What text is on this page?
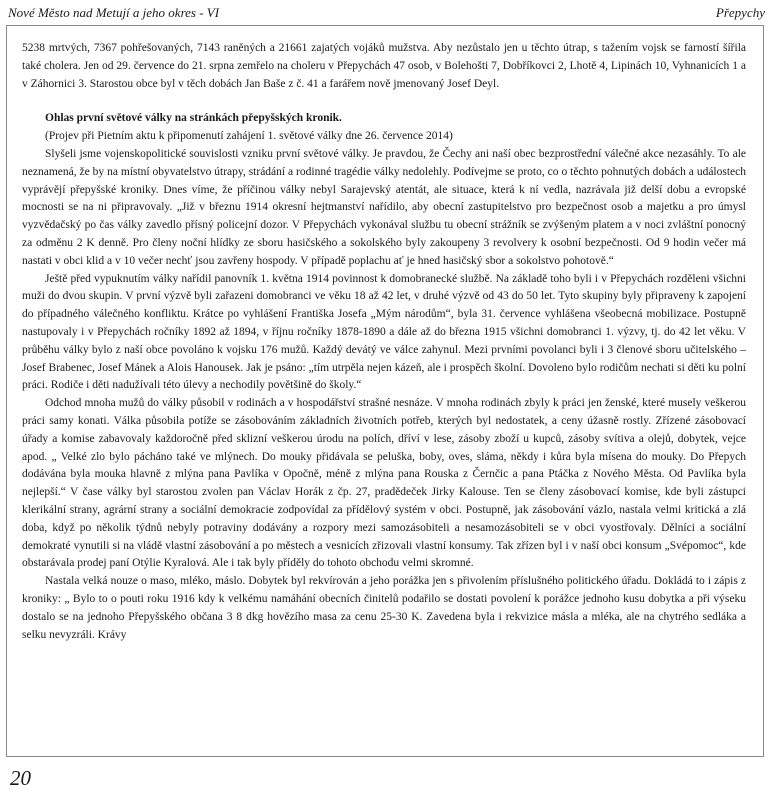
Nové Město nad Metují a jeho okres - VI	Přepychy

5238 mrtvých, 7367 pohřešovaných, 7143 raněných a 21661 zajatých vojáků mužstva. Aby nezůstalo jen u těchto útrap, s tažením vojsk se farností šířila také cholera. Jen od 29. července do 21. srpna zemřelo na choleru v Přepychách 47 osob, v Bolehošti 7, Dobříkovci 2, Lhotě 4, Lipinách 10, Vyhnanicích 1 a v Záhornici 3. Starostou obce byl v těch dobách Jan Baše z č. 41 a farářem nově jmenovaný Josef Deyl.

Ohlas první světové války na stránkách přepyšských kronik.

(Projev při Pietním aktu k připomenutí zahájení 1. světové války dne 26. července 2014)

Slyšeli jsme vojenskopolitické souvislosti vzniku první světové války. Je pravdou, že Čechy ani naší obec bezprostřední válečné akce nezasáhly. To ale neznamená, že by na místní obyvatelstvo útrapy, strádání a rodinné tragédie války nedolehly. Podívejme se proto, co o těchto pohnutých dobách a událostech vyprávějí přepyšské kroniky. Dnes víme, že příčinou války nebyl Sarajevský atentát, ale situace, která k ní vedla, nazrávala již delší dobu a evropské mocnosti se na ni připravovaly. „Již v březnu 1914 okresní hejtmanství nařídilo, aby obecní zastupitelstvo pro bezpečnost osob a majetku a pro úmysl vyzvědačský po čas války zavedlo přísný policejní dozor. V Přepychách vykonával službu tu obecní strážník se zvýšeným platem a v noci zvláštní ponocný za odměnu 2 K denně. Pro členy noční hlídky ze sboru hasičského a sokolského byly zakoupeny 3 revolvery k osobní bezpečnosti. Od 9 hodin večer má nastati v obci klid a v 10 večer nechť jsou zavřeny hospody. V případě poplachu ať je hned hasičský sbor a sokolstvo pohotově.“

Ještě před vypuknutím války nařídil panovník 1. května 1914 povinnost k domobranecké službě. Na základě toho byli i v Přepychách rozděleni všichni muži do dvou skupin. V první výzvě byli zařazeni domobranci ve věku 18 až 42 let, v druhé výzvě od 43 do 50 let. Tyto skupiny byly připraveny k zapojení do případného válečného konfliktu. Krátce po vyhlášení Františka Josefa „Mým národům“, byla 31. července vyhlášena všeobecná mobilizace. Postupně nastupovaly i v Přepychách ročníky 1892 až 1894, v říjnu ročníky 1878-1890 a dále až do března 1915 všichni domobranci 1. výzvy, tj. do 42 let věku. V průběhu války bylo z naší obce povoláno k vojsku 176 mužů. Každý devátý ve válce zahynul. Mezi prvními povolanci byli i 3 členové sboru učitelského – Josef Brabenec, Josef Mánek a Alois Hanousek. Jak je psáno: „tím utrpěla nejen kázeň, ale i prospěch školní. Dovoleno bylo rodičům nechati si děti ku polní práci. Rodiče i děti nadužívali této úlevy a nechodily povětšině do školy.“

Odchod mnoha mužů do války působil v rodinách a v hospodářství strašné nesnáze. V mnoha rodinách zbyly k práci jen ženské, které musely veškerou práci samy konati. Válka působila potíže se zásobováním základních životních potřeb, kterých byl nedostatek, a ceny úžasně rostly. Zřízené zásobovací úřady a komise zabavovaly každoročně před sklizní veškerou úrodu na polích, dříví v lese, zásoby zboží u kupců, zásoby svítiva a olejů, dobytek, vejce apod. „ Velké zlo bylo pácháno také ve mlýnech. Do mouky přidávala se peluška, boby, oves, sláma, někdy i kůra byla mísena do mouky. Do Přepych dodávána byla mouka hlavně z mlýna pana Pavlíka v Opočně, méně z mlýna pana Rouska z Černčic a pana Ptáčka z Nového Města. Od Pavlíka byla nejlepší.“ V čase války byl starostou zvolen pan Václav Horák z čp. 27, pradědeček Jirky Kalouse. Ten se členy zásobovací komise, kde byli zástupci klerikální strany, agrární strany a sociální demokracie zodpovídal za přídělový systém v obci. Postupně, jak zásobování vázlo, nastala velmi kritická a zlá doba, když po několik týdnů nebyly potraviny dodávány a rozpory mezi samozásobiteli a nesamozásobiteli se v obci vyostřovaly. Dělníci a sociální demokraté vynutili si na vládě vlastní zásobování a po městech a vesnicích zřizovali vlastní konsumy. Tak zřízen byl i v naší obci konsum „Svépomoc“, kde obstarávala prodej paní Otýlie Kyralová. Ale i tak byly příděly do tohoto obchodu velmi skromné.

Nastala velká nouze o maso, mléko, máslo. Dobytek byl rekvírován a jeho porážka jen s přivolením příslušného politického úřadu. Dokládá to i zápis z kroniky: „ Bylo to o pouti roku 1916 kdy k velkému namáhání obecních činitelů podařilo se dostati povolení k porážce jednoho kusu dobytka a při výseku dostalo se na jednoho Přepyšského občana 3 8 dkg hovězího masa za cenu 25-30 K. Zavedena byla i rekvizice másla a mléka, ale na chytrého sedláka a selku nevyzráli. Krávy

20
